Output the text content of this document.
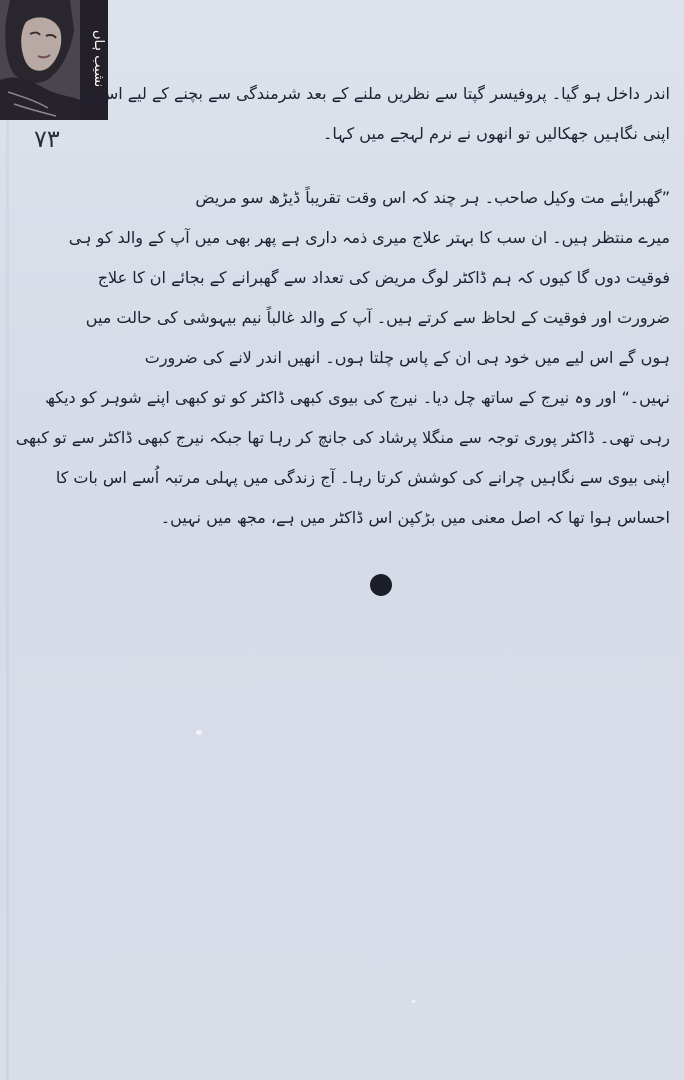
نشیب ہاں
۷۳
اندر داخل ہو گیا۔ پروفیسر گپتا سے نظریں ملنے کے بعد شرمندگی سے بچنے کے لیے اس نے
اپنی نگاہیں جھکالیں تو انھوں نے نرم لہجے میں کہا۔
”گھبرایئے مت وکیل صاحب۔ ہر چند کہ اس وقت تقریباً ڈیڑھ سو مریض
میرے منتظر ہیں۔ ان سب کا بہتر علاج میری ذمہ داری ہے پھر بھی میں آپ کے والد کو ہی
فوقیت دوں گا کیوں کہ ہم ڈاکٹر لوگ مریض کی تعداد سے گھبرانے کے بجائے ان کا علاج
ضرورت اور فوقیت کے لحاظ سے کرتے ہیں۔ آپ کے والد غالباً نیم بیہوشی کی حالت میں
ہوں گے اس لیے میں خود ہی ان کے پاس چلتا ہوں۔ انھیں اندر لانے کی ضرورت
نہیں۔“ اور وہ نیرج کے ساتھ چل دیا۔ نیرج کی بیوی کبھی ڈاکٹر کو تو کبھی اپنے شوہر کو دیکھ
رہی تھی۔ ڈاکٹر پوری توجہ سے منگلا پرشاد کی جانچ کر رہا تھا جبکہ نیرج کبھی ڈاکٹر سے تو کبھی
اپنی بیوی سے نگاہیں چرانے کی کوشش کرتا رہا۔ آج زندگی میں پہلی مرتبہ اُسے اس بات کا
احساس ہوا تھا کہ اصل معنی میں بڑکپن اس ڈاکٹر میں ہے، مجھ میں نہیں۔
